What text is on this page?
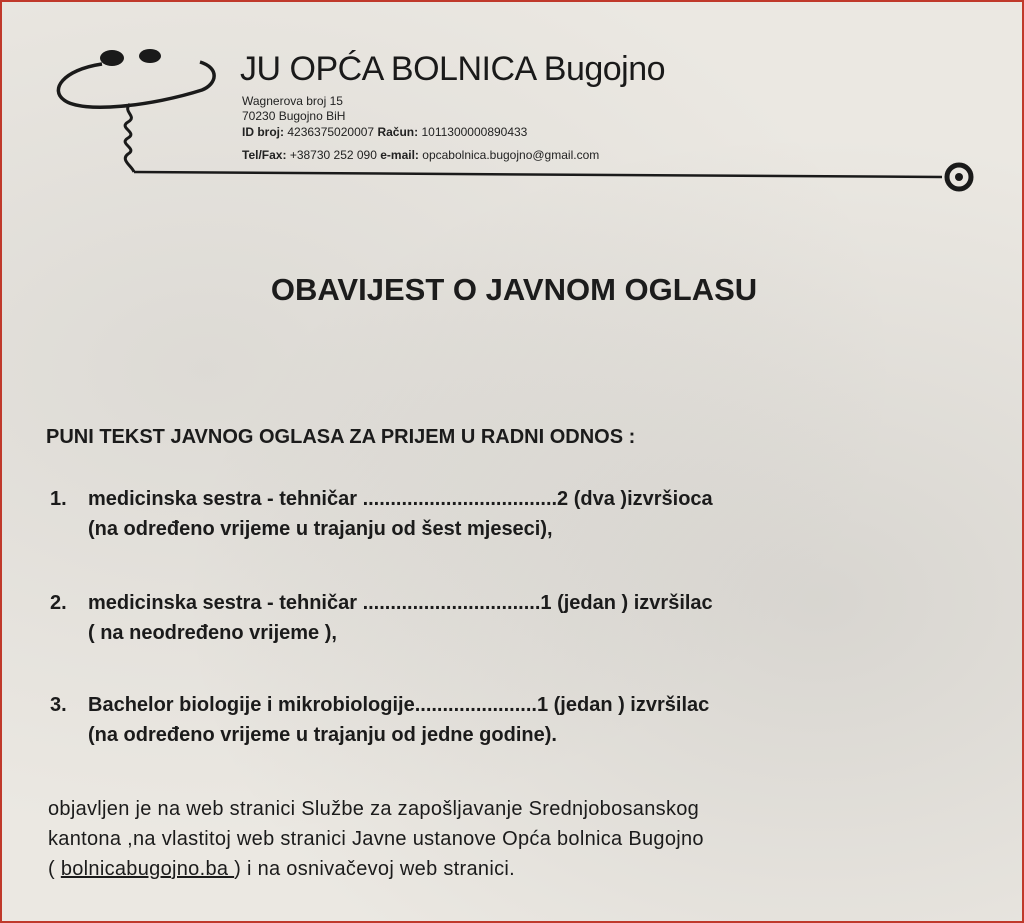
JU OPĆA BOLNICA Bugojno
Wagnerova broj 15
70230 Bugojno BiH
ID broj: 4236375020007 Račun: 1011300000890433
Tel/Fax: +38730 252 090 e-mail: opcabolnica.bugojno@gmail.com
OBAVIJEST O JAVNOM OGLASU
PUNI TEKST JAVNOG OGLASA ZA PRIJEM U RADNI ODNOS :
1. medicinska sestra - tehničar ...................................2 (dva )izvršioca
(na određeno vrijeme u trajanju od šest mjeseci),
2. medicinska sestra - tehničar ................................1 (jedan ) izvršilac
( na neodređeno vrijeme ),
3. Bachelor biologije i mikrobiologije......................1 (jedan ) izvršilac
(na određeno vrijeme u trajanju od jedne godine).
objavljen je na web stranici Službe za zapošljavanje Srednjobosanskog
kantona ,na vlastitoj web stranici Javne ustanove Opća bolnica Bugojno
( bolnicabugojno.ba ) i na osnivačevoj web stranici.
